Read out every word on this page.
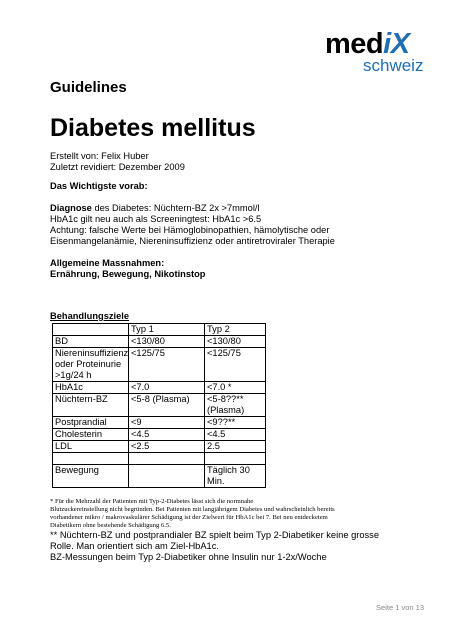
mediX
schweiz
Guidelines
Diabetes mellitus
Erstellt von: Felix Huber
Zuletzt revidiert: Dezember 2009
Das Wichtigste vorab:
Diagnose des Diabetes: Nüchtern-BZ 2x >7mmol/l
HbA1c gilt neu auch als Screeningtest: HbA1c >6.5
Achtung: falsche Werte bei Hämoglobinopathien, hämolytische oder
Eisenmangelanämie, Niereninsuffizienz oder antiretroviraler Therapie
Allgemeine Massnahmen:
Ernährung, Bewegung, Nikotinstop
Behandlungsziele
	Typ 1	Typ 2
BD	<130/80	<130/80
Niereninsuffizienz oder Proteinurie >1g/24 h	<125/75	<125/75
HbA1c	<7.0	<7.0 *
Nüchtern-BZ	<5-8 (Plasma)	<5-8??** (Plasma)
Postprandial	<9	<9??**
Cholesterin	<4.5	<4.5
LDL	<2.5	2.5

Bewegung		Täglich 30 Min.
* Für die Mehrzahl der Patienten mit Typ-2-Diabetes lässt sich die normnahe
Blutzuckereinstellung nicht begründen. Bei Patienten mit langjährigem Diabetes und wahrscheinlich bereits
vorhandener mikro / makrovaskulärer Schädigung ist der Zielwert für HbA1c bei 7. Bei neu entdecketem
Diabetikern ohne bestehende Schädigung 6.5.
** Nüchtern-BZ und postprandialer BZ spielt beim Typ 2-Diabetiker keine grosse
Rolle. Man orientiert sich am Ziel-HbA1c.
BZ-Messungen beim Typ 2-Diabetiker ohne Insulin nur 1-2x/Woche
Seite 1 von 13
